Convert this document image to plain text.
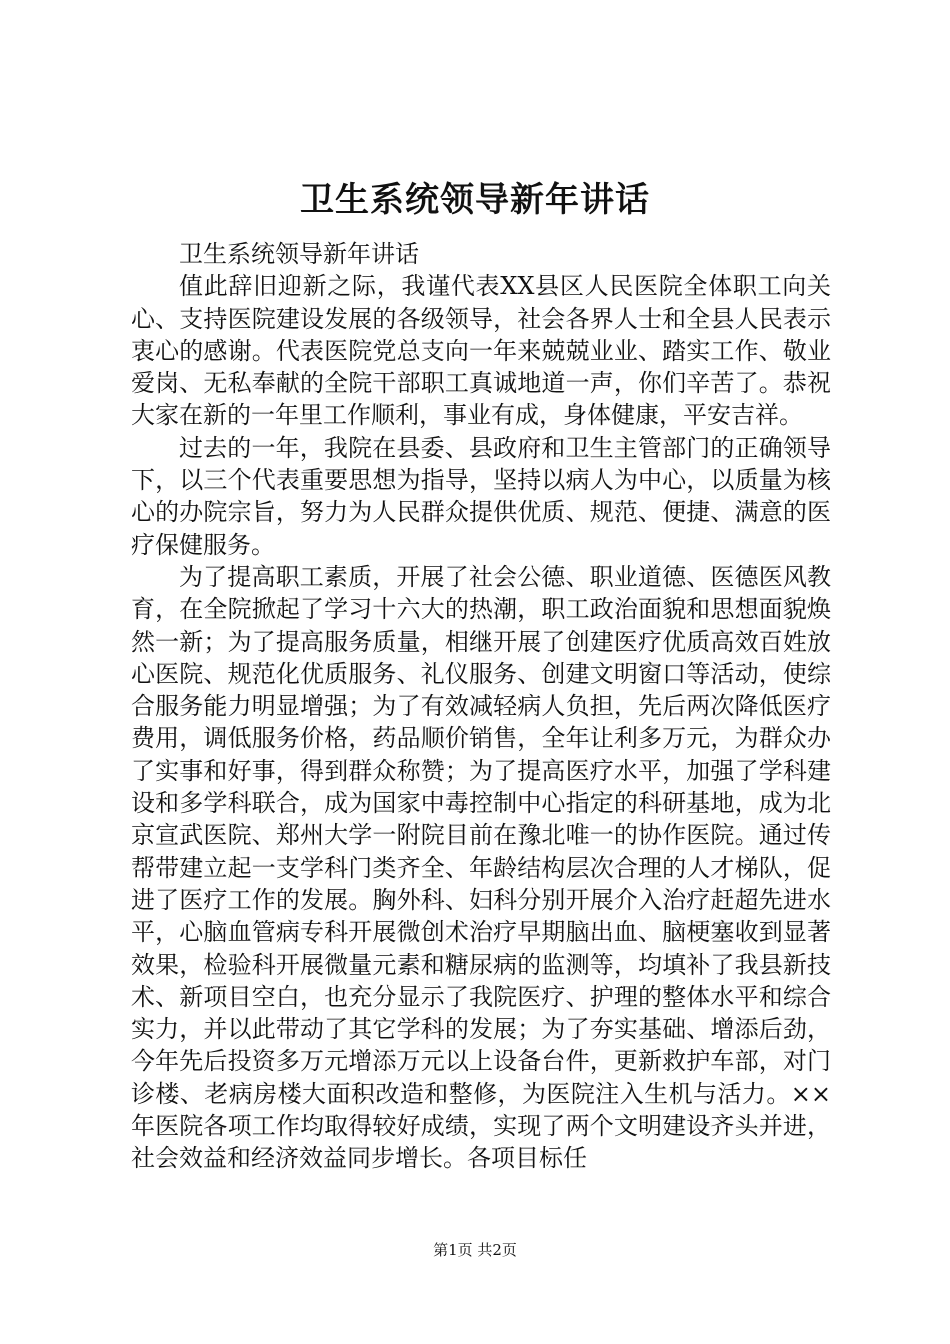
卫生系统领导新年讲话

卫生系统领导新年讲话

值此辞旧迎新之际，我谨代表XX县区人民医院全体职工向关心、支持医院建设发展的各级领导，社会各界人士和全县人民表示衷心的感谢。代表医院党总支向一年来兢兢业业、踏实工作、敬业爱岗、无私奉献的全院干部职工真诚地道一声，你们辛苦了。恭祝大家在新的一年里工作顺利，事业有成，身体健康，平安吉祥。

过去的一年，我院在县委、县政府和卫生主管部门的正确领导下，以三个代表重要思想为指导，坚持以病人为中心，以质量为核心的办院宗旨，努力为人民群众提供优质、规范、便捷、满意的医疗保健服务。

为了提高职工素质，开展了社会公德、职业道德、医德医风教育，在全院掀起了学习十六大的热潮，职工政治面貌和思想面貌焕然一新；为了提高服务质量，相继开展了创建医疗优质高效百姓放心医院、规范化优质服务、礼仪服务、创建文明窗口等活动，使综合服务能力明显增强；为了有效减轻病人负担，先后两次降低医疗费用，调低服务价格，药品顺价销售，全年让利多万元，为群众办了实事和好事，得到群众称赞；为了提高医疗水平，加强了学科建设和多学科联合，成为国家中毒控制中心指定的科研基地，成为北京宣武医院、郑州大学一附院目前在豫北唯一的协作医院。通过传帮带建立起一支学科门类齐全、年龄结构层次合理的人才梯队，促进了医疗工作的发展。胸外科、妇科分别开展介入治疗赶超先进水平，心脑血管病专科开展微创术治疗早期脑出血、脑梗塞收到显著效果，检验科开展微量元素和糖尿病的监测等，均填补了我县新技术、新项目空白，也充分显示了我院医疗、护理的整体水平和综合实力，并以此带动了其它学科的发展；为了夯实基础、增添后劲，今年先后投资多万元增添万元以上设备台件，更新救护车部，对门诊楼、老病房楼大面积改造和整修，为医院注入生机与活力。××年医院各项工作均取得较好成绩，实现了两个文明建设齐头并进，社会效益和经济效益同步增长。各项目标任

第1页 共2页
